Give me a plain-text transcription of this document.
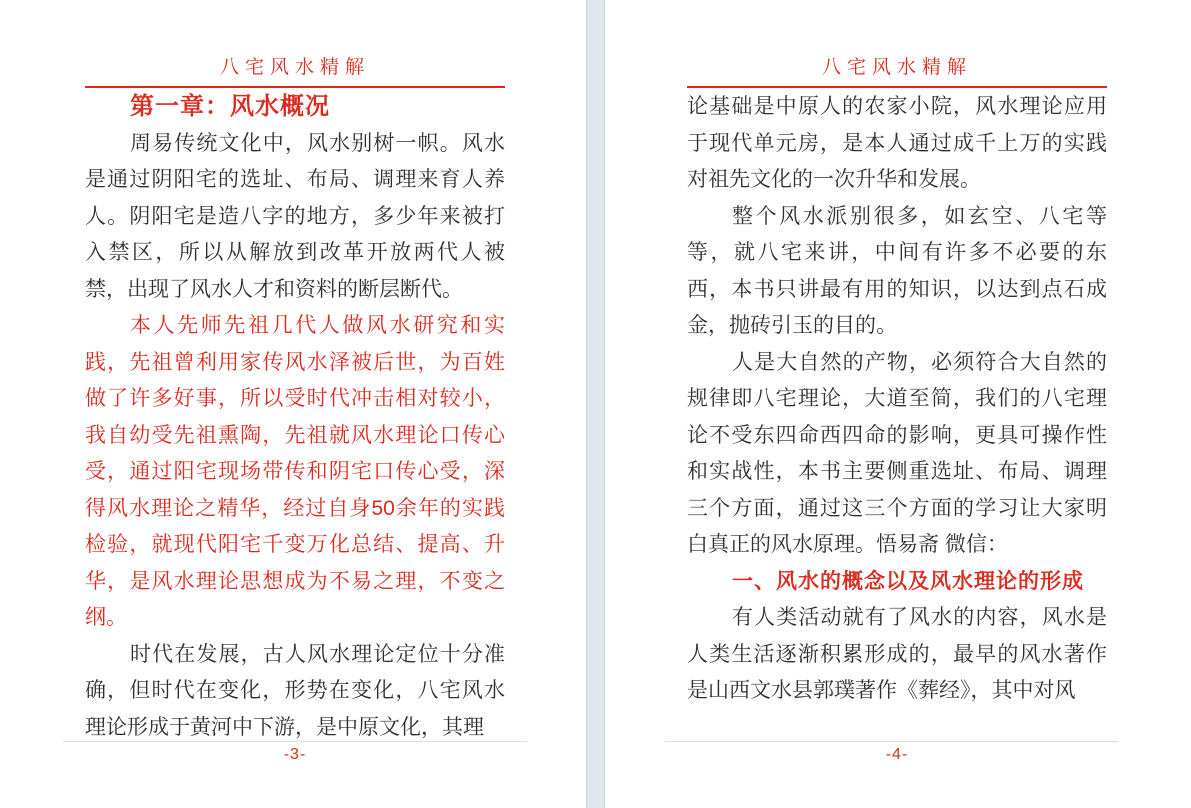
八宅风水精解
第一章：风水概况
周易传统文化中，风水别树一帜。风水
是通过阴阳宅的选址、布局、调理来育人养
人。阴阳宅是造八字的地方，多少年来被打
入禁区，所以从解放到改革开放两代人被
禁，出现了风水人才和资料的断层断代。
本人先师先祖几代人做风水研究和实
践，先祖曾利用家传风水泽被后世，为百姓
做了许多好事，所以受时代冲击相对较小，
我自幼受先祖熏陶，先祖就风水理论口传心
受，通过阳宅现场带传和阴宅口传心受，深
得风水理论之精华，经过自身50余年的实践
检验，就现代阳宅千变万化总结、提高、升
华，是风水理论思想成为不易之理，不变之
纲。
时代在发展，古人风水理论定位十分准
确，但时代在变化，形势在变化，八宅风水
理论形成于黄河中下游，是中原文化，其理
-3-
八宅风水精解
论基础是中原人的农家小院，风水理论应用
于现代单元房，是本人通过成千上万的实践
对祖先文化的一次升华和发展。
整个风水派别很多，如玄空、八宅等
等，就八宅来讲，中间有许多不必要的东
西，本书只讲最有用的知识，以达到点石成
金，抛砖引玉的目的。
人是大自然的产物，必须符合大自然的
规律即八宅理论，大道至简，我们的八宅理
论不受东四命西四命的影响，更具可操作性
和实战性，本书主要侧重选址、布局、调理
三个方面，通过这三个方面的学习让大家明
白真正的风水原理。悟易斋 微信：
一、风水的概念以及风水理论的形成
有人类活动就有了风水的内容，风水是
人类生活逐渐积累形成的，最早的风水著作
是山西文水县郭璞著作《葬经》，其中对风
-4-
